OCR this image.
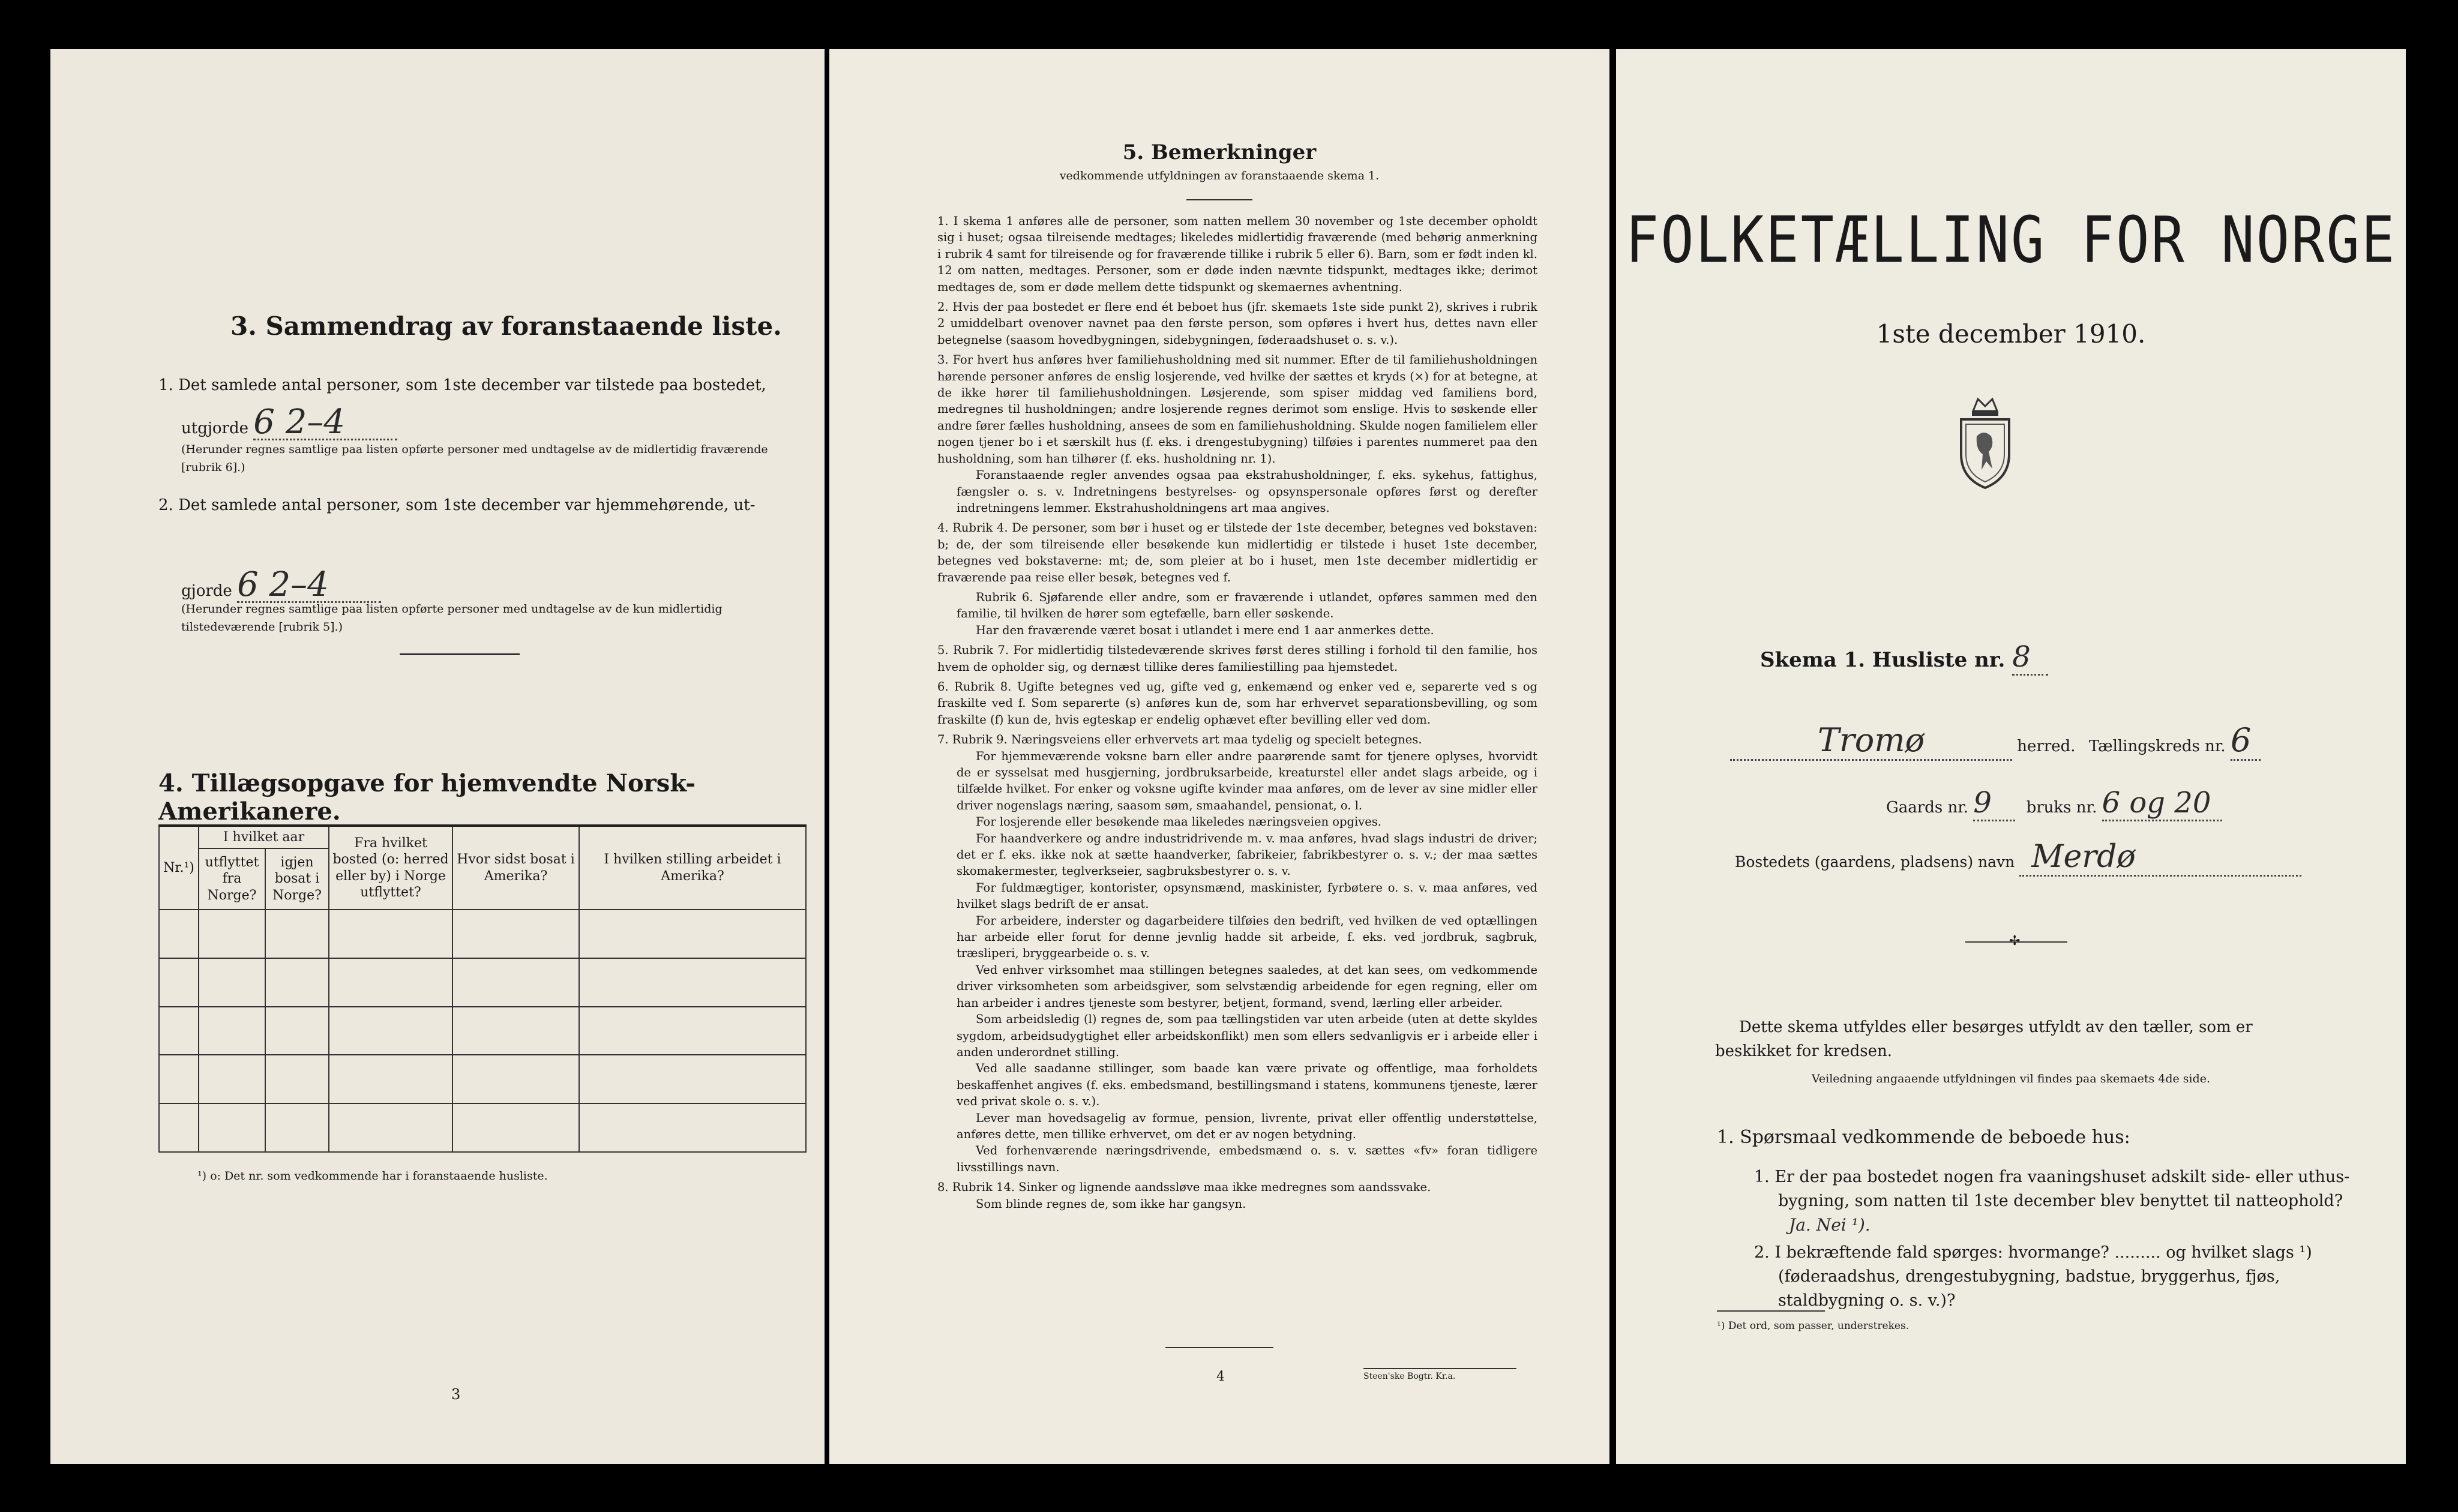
3. Sammendrag av foranstaaende liste.
1. Det samlede antal personer, som 1ste december var tilstede paa bostedet,
utgjorde 6 2–4
(Herunder regnes samtlige paa listen opførte personer med undtagelse av de midlertidig fraværende [rubrik 6].)
2. Det samlede antal personer, som 1ste december var hjemmehørende, ut-
gjorde 6 2–4
(Herunder regnes samtlige paa listen opførte personer med undtagelse av de kun midlertidig tilstedeværende [rubrik 5].)
4. Tillægsopgave for hjemvendte Norsk-Amerikanere.
Nr.¹)	I hvilket aar		Fra hvilket bosted (o: herred eller by) i Norge utflyttet?	Hvor sidst bosat i Amerika?	I hvilken stilling arbeidet i Amerika?
	utflyttet fra Norge?	igjen bosat i Norge?			

¹) o: Det nr. som vedkommende har i foranstaaende husliste.
3
5. Bemerkninger
vedkommende utfyldningen av foranstaaende skema 1.

1. I skema 1 anføres alle de personer, som natten mellem 30 november og 1ste december opholdt sig i huset; ogsaa tilreisende medtages; likeledes midlertidig fraværende (med behørig anmerkning i rubrik 4 samt for tilreisende og for fraværende tillike i rubrik 5 eller 6). Barn, som er født inden kl. 12 om natten, medtages. Personer, som er døde inden nævnte tidspunkt, medtages ikke; derimot medtages de, som er døde mellem dette tidspunkt og skemaernes avhentning.

2. Hvis der paa bostedet er flere end ét beboet hus (jfr. skemaets 1ste side punkt 2), skrives i rubrik 2 umiddelbart ovenover navnet paa den første person, som opføres i hvert hus, dettes navn eller betegnelse (saasom hovedbygningen, sidebygningen, føderaadshuset o. s. v.).

3. For hvert hus anføres hver familiehusholdning med sit nummer. Efter de til familiehusholdningen hørende personer anføres de enslig losjerende, ved hvilke der sættes et kryds (×) for at betegne, at de ikke hører til familiehusholdningen. Løsjerende, som spiser middag ved familiens bord, medregnes til husholdningen; andre losjerende regnes derimot som enslige. Hvis to søskende eller andre fører fælles husholdning, ansees de som en familiehusholdning. Skulde nogen familielem eller nogen tjener bo i et særskilt hus (f. eks. i drengestubygning) tilføies i parentes nummeret paa den husholdning, som han tilhører (f. eks. husholdning nr. 1).

Foranstaaende regler anvendes ogsaa paa ekstrahusholdninger, f. eks. sykehus, fattighus, fængsler o. s. v. Indretningens bestyrelses- og opsynspersonale opføres først og derefter indretningens lemmer. Ekstrahusholdningens art maa angives.

4. Rubrik 4. De personer, som bør i huset og er tilstede der 1ste december, betegnes ved bokstaven: b; de, der som tilreisende eller besøkende kun midlertidig er tilstede i huset 1ste december, betegnes ved bokstaverne: mt; de, som pleier at bo i huset, men 1ste december midlertidig er fraværende paa reise eller besøk, betegnes ved f.

Rubrik 6. Sjøfarende eller andre, som er fraværende i utlandet, opføres sammen med den familie, til hvilken de hører som egtefælle, barn eller søskende.

Har den fraværende været bosat i utlandet i mere end 1 aar anmerkes dette.

5. Rubrik 7. For midlertidig tilstedeværende skrives først deres stilling i forhold til den familie, hos hvem de opholder sig, og dernæst tillike deres familiestilling paa hjemstedet.

6. Rubrik 8. Ugifte betegnes ved ug, gifte ved g, enkemænd og enker ved e, separerte ved s og fraskilte ved f. Som separerte (s) anføres kun de, som har erhvervet separationsbevilling, og som fraskilte (f) kun de, hvis egteskap er endelig ophævet efter bevilling eller ved dom.

7. Rubrik 9. Næringsveiens eller erhvervets art maa tydelig og specielt betegnes.

For hjemmeværende voksne barn eller andre paarørende samt for tjenere oplyses, hvorvidt de er sysselsat med husgjerning, jordbruksarbeide, kreaturstel eller andet slags arbeide, og i tilfælde hvilket. For enker og voksne ugifte kvinder maa anføres, om de lever av sine midler eller driver nogenslags næring, saasom søm, smaahandel, pensionat, o. l.

For losjerende eller besøkende maa likeledes næringsveien opgives.

For haandverkere og andre industridrivende m. v. maa anføres, hvad slags industri de driver; det er f. eks. ikke nok at sætte haandverker, fabrikeier, fabrikbestyrer o. s. v.; der maa sættes skomakermester, teglverkseier, sagbruksbestyrer o. s. v.

For fuldmægtiger, kontorister, opsynsmænd, maskinister, fyrbøtere o. s. v. maa anføres, ved hvilket slags bedrift de er ansat.

For arbeidere, inderster og dagarbeidere tilføies den bedrift, ved hvilken de ved optællingen har arbeide eller forut for denne jevnlig hadde sit arbeide, f. eks. ved jordbruk, sagbruk, træsliperi, bryggearbeide o. s. v.

Ved enhver virksomhet maa stillingen betegnes saaledes, at det kan sees, om vedkommende driver virksomheten som arbeidsgiver, som selvstændig arbeidende for egen regning, eller om han arbeider i andres tjeneste som bestyrer, betjent, formand, svend, lærling eller arbeider.

Som arbeidsledig (l) regnes de, som paa tællingstiden var uten arbeide (uten at dette skyldes sygdom, arbeidsudygtighet eller arbeidskonflikt) men som ellers sedvanligvis er i arbeide eller i anden underordnet stilling.

Ved alle saadanne stillinger, som baade kan være private og offentlige, maa forholdets beskaffenhet angives (f. eks. embedsmand, bestillingsmand i statens, kommunens tjeneste, lærer ved privat skole o. s. v.).

Lever man hovedsagelig av formue, pension, livrente, privat eller offentlig understøttelse, anføres dette, men tillike erhvervet, om det er av nogen betydning.

Ved forhenværende næringsdrivende, embedsmænd o. s. v. sættes «fv» foran tidligere livsstillings navn.

8. Rubrik 14. Sinker og lignende aandssløve maa ikke medregnes som aandssvake.

Som blinde regnes de, som ikke har gangsyn.

4	Steen'ske Bogtr. Kr.a.
FOLKETÆLLING FOR NORGE
1ste december 1910.
Skema 1. Husliste nr. 8
Tromø	herred. Tællingskreds nr. 6
Gaards nr. 9 bruks nr. 6 og 20
Bostedets (gaardens, pladsens) navn Merdø
✢
Dette skema utfyldes eller besørges utfyldt av den tæller, som er beskikket for kredsen.
Veiledning angaaende utfyldningen vil findes paa skemaets 4de side.
1. Spørsmaal vedkommende de beboede hus:
1. Er der paa bostedet nogen fra vaaningshuset adskilt side- eller uthus-bygning, som natten til 1ste december blev benyttet til natteophold? Ja. Nei ¹).
2. I bekræftende fald spørges: hvormange? ......... og hvilket slags ¹) (føderaadshus, drengestubygning, badstue, bryggerhus, fjøs, staldbygning o. s. v.)?
¹) Det ord, som passer, understrekes.
